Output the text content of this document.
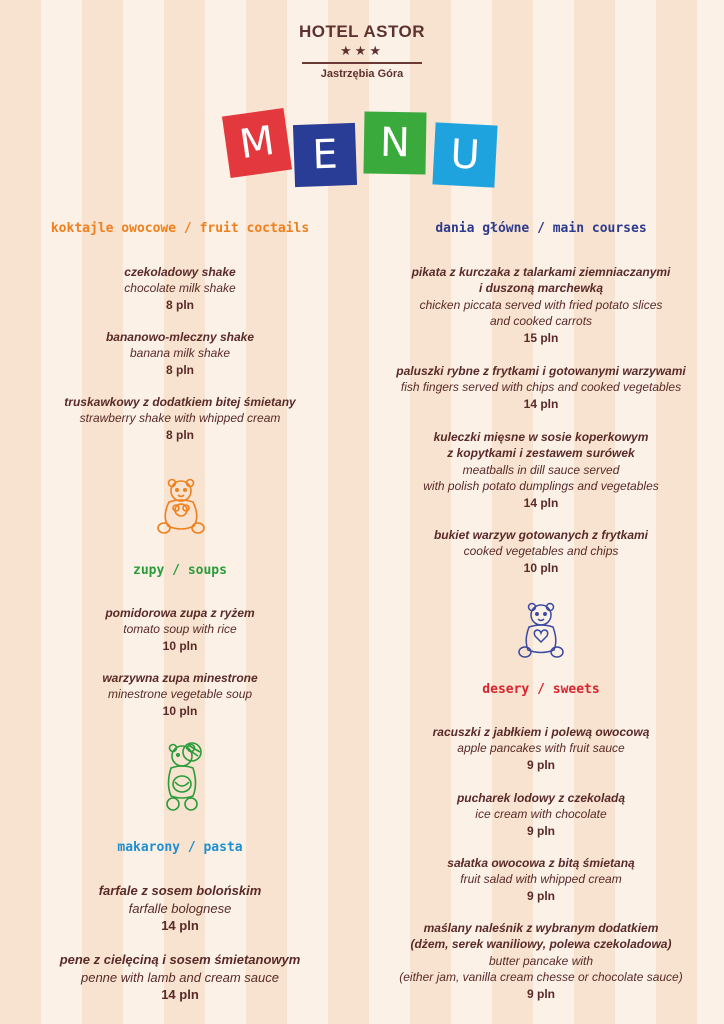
HOTEL ASTOR
★★★
Jastrzębia Góra
M E	N U
koktajle owocowe / fruit coctails
czekoladowy shake
chocolate milk shake
8 pln
bananowo-mleczny shake
banana milk shake
8 pln
truskawkowy z dodatkiem bitej śmietany
strawberry shake with whipped cream
8 pln
zupy / soups
pomidorowa zupa z ryżem
tomato soup with rice
10 pln
warzywna zupa minestrone
minestrone vegetable soup
10 pln
makarony / pasta
farfale z sosem bolońskim
farfalle bolognese
14 pln
pene z cielęciną i sosem śmietanowym
penne with lamb and cream sauce
14 pln
dania główne / main courses
pikata z kurczaka z talarkami ziemniaczanymi
i duszoną marchewką
chicken piccata served with fried potato slices
and cooked carrots
15 pln
paluszki rybne z frytkami i gotowanymi warzywami
fish fingers served with chips and cooked vegetables
14 pln
kuleczki mięsne w sosie koperkowym
z kopytkami i zestawem surówek
meatballs in dill sauce served
with polish potato dumplings and vegetables
14 pln
bukiet warzyw gotowanych z frytkami
cooked vegetables and chips
10 pln
desery / sweets
racuszki z jabłkiem i polewą owocową
apple pancakes with fruit sauce
9 pln
pucharek lodowy z czekoladą
ice cream with chocolate
9 pln
sałatka owocowa z bitą śmietaną
fruit salad with whipped cream
9 pln
maślany naleśnik z wybranym dodatkiem
(dżem, serek waniliowy, polewa czekoladowa)
butter pancake with
(either jam, vanilla cream chesse or chocolate sauce)
9 pln
